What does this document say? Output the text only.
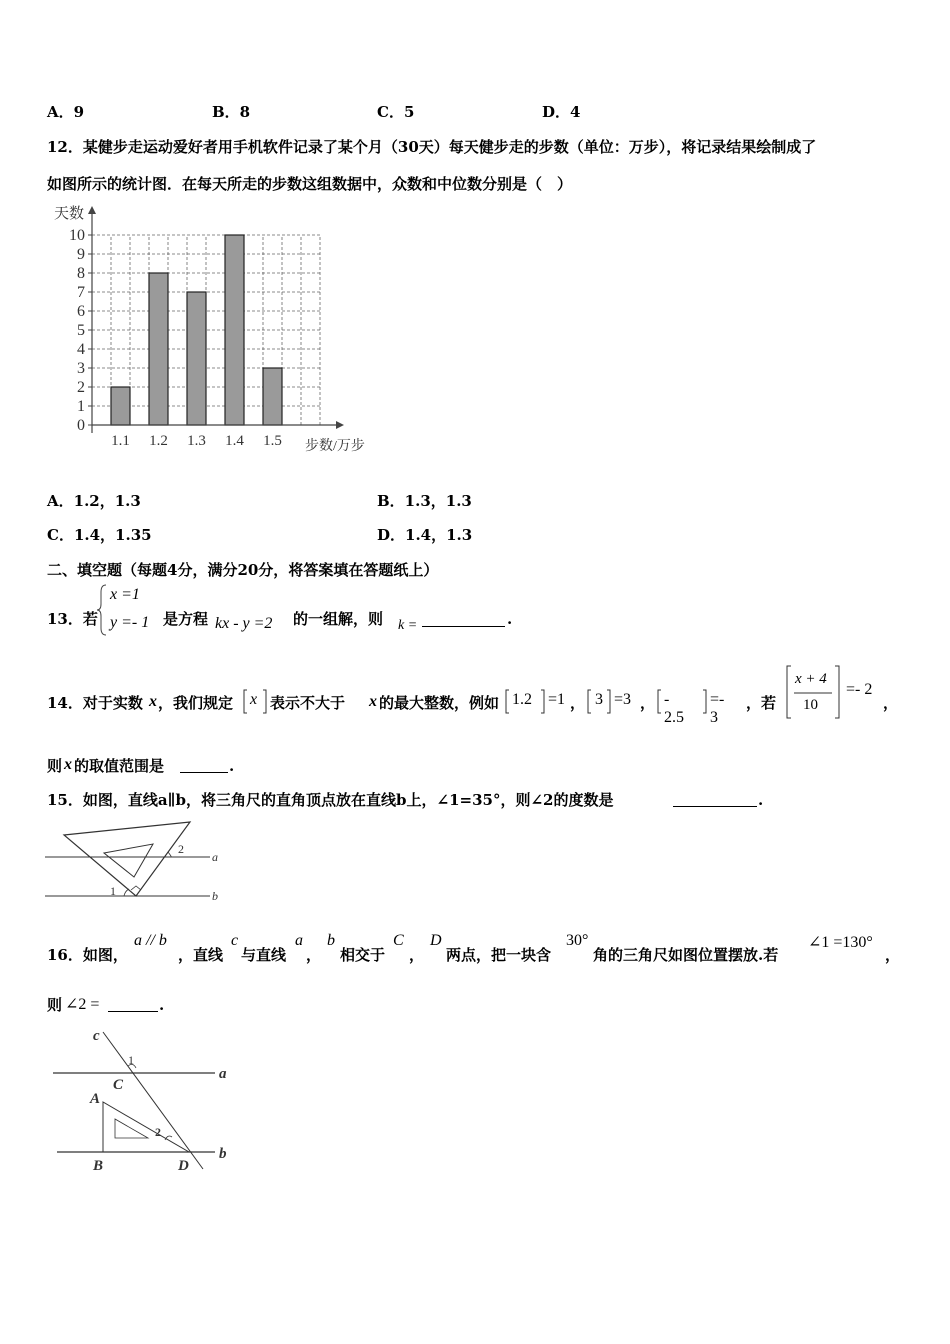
A．9	B．8	C．5	D．4
12．某健步走运动爱好者用手机软件记录了某个月（30天）每天健步走的步数（单位：万步），将记录结果绘制成了
如图所示的统计图．在每天所走的步数这组数据中，众数和中位数分别是（　）
0
1
2
3
4
5
6
7
8
9
10
1.1 1.2 1.3 1.4 1.5
天数
步数/万步
A．1.2，1.3	B．1.3，1.3
C．1.4，1.35	D．1.4，1.3
二、填空题（每题4分，满分20分，将答案填在答题纸上）
13．若
x =1
y =- 1 是方程 kx - y =2 的一组解，则 k =	.
14．对于实数 x ，我们规定 x 表示不大于 x 的最大整数，例如 1.2 =1 ， 3 =3 ， - 2.5
=- 3
，若
x + 4
10
=- 2
，
则 x 的取值范围是	.
15．如图，直线a∥b，将三角尺的直角顶点放在直线b上，∠1=35°，则∠2的度数是	.
1
2
a
b
16．如图，
a // b
，直线
c
与直线
a
，
b
相交于
C
，
D
两点，把一块含
30°
角的三角尺如图位置摆放.若
∠1 =130°
，
则 ∠2 =	.
c
1
C
a
A
2
B	D
b
